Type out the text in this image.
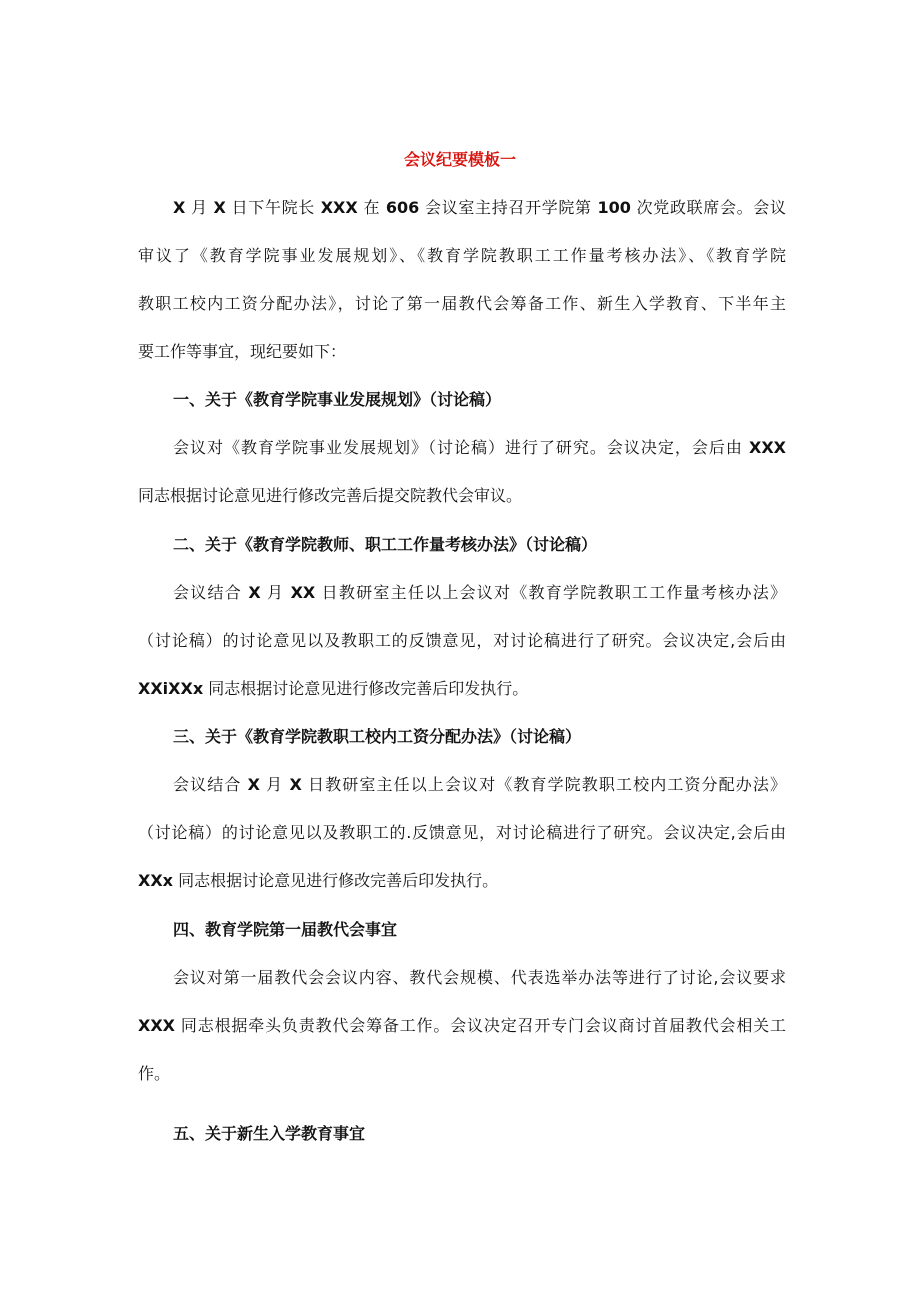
会议纪要模板一
X 月 X 日下午院长 XXX 在 606 会议室主持召开学院第 100 次党政联席会。会议
审议了《教育学院事业发展规划》、《教育学院教职工工作量考核办法》、《教育学院
教职工校内工资分配办法》，讨论了第一届教代会筹备工作、新生入学教育、下半年主
要工作等事宜，现纪要如下：
一、关于《教育学院事业发展规划》（讨论稿）
会议对《教育学院事业发展规划》（讨论稿）进行了研究。会议决定，会后由 XXX
同志根据讨论意见进行修改完善后提交院教代会审议。
二、关于《教育学院教师、职工工作量考核办法》（讨论稿）
会议结合 X 月 XX 日教研室主任以上会议对《教育学院教职工工作量考核办法》
（讨论稿）的讨论意见以及教职工的反馈意见，对讨论稿进行了研究。会议决定,会后由
XXiXXx 同志根据讨论意见进行修改完善后印发执行。
三、关于《教育学院教职工校内工资分配办法》（讨论稿）
会议结合 X 月 X 日教研室主任以上会议对《教育学院教职工校内工资分配办法》
（讨论稿）的讨论意见以及教职工的.反馈意见，对讨论稿进行了研究。会议决定,会后由
XXx 同志根据讨论意见进行修改完善后印发执行。
四、教育学院第一届教代会事宜
会议对第一届教代会会议内容、教代会规模、代表选举办法等进行了讨论,会议要求
XXX 同志根据牵头负责教代会筹备工作。会议决定召开专门会议商讨首届教代会相关工
作。
五、关于新生入学教育事宜
